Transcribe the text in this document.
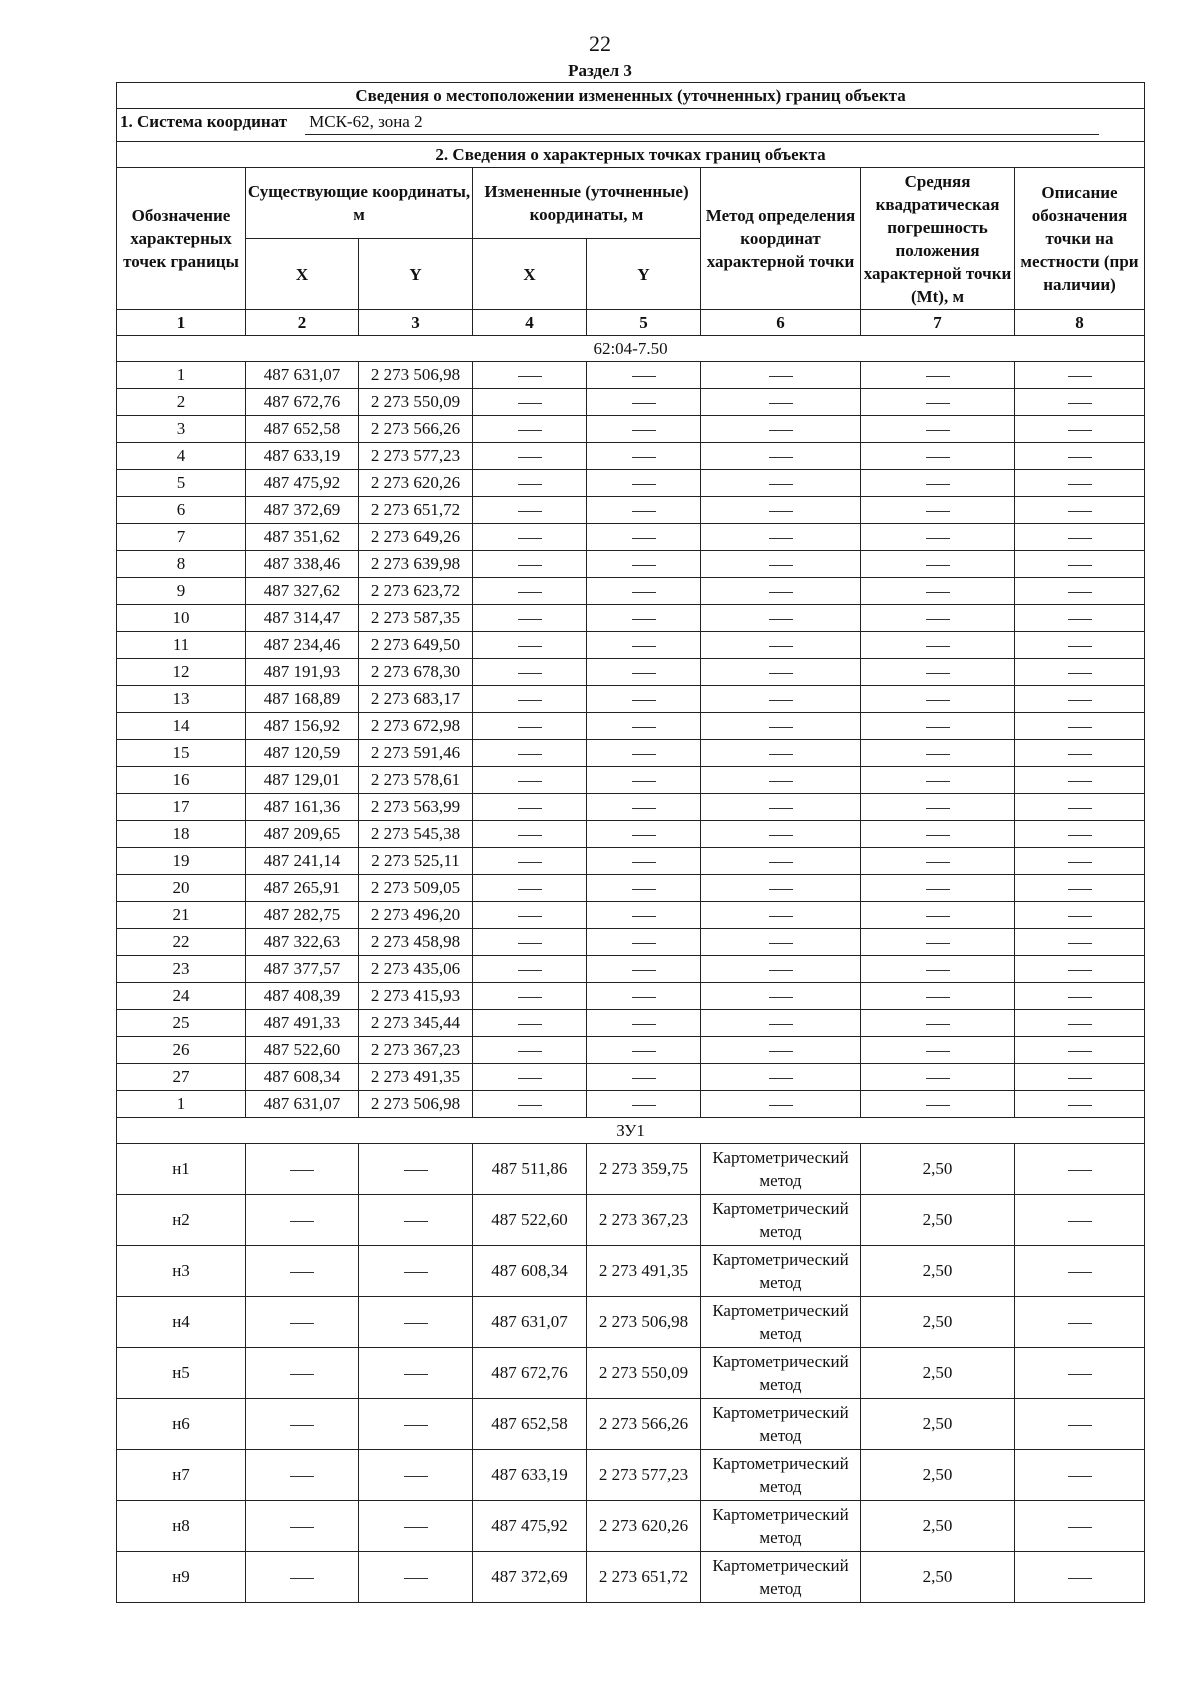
22
Раздел 3
Сведения о местоположении измененных (уточненных) границ объекта							
1. Система координат МСК-62, зона 2							
2. Сведения о характерных точках границ объекта							
Обозначение характерных точек границы	Существующие координаты, м		Измененные (уточненные) координаты, м		Метод определения координат характерной точки	Средняя квадратическая погрешность положения характерной точки (Mt), м	Описание обозначения точки на местности (при наличии)
	X	Y	X	Y			
1	2	3	4	5	6	7	8
62:04-7.50							
1	487 631,07	2 273 506,98					
2	487 672,76	2 273 550,09					
3	487 652,58	2 273 566,26					
4	487 633,19	2 273 577,23					
5	487 475,92	2 273 620,26					
6	487 372,69	2 273 651,72					
7	487 351,62	2 273 649,26					
8	487 338,46	2 273 639,98					
9	487 327,62	2 273 623,72					
10	487 314,47	2 273 587,35					
11	487 234,46	2 273 649,50					
12	487 191,93	2 273 678,30					
13	487 168,89	2 273 683,17					
14	487 156,92	2 273 672,98					
15	487 120,59	2 273 591,46					
16	487 129,01	2 273 578,61					
17	487 161,36	2 273 563,99					
18	487 209,65	2 273 545,38					
19	487 241,14	2 273 525,11					
20	487 265,91	2 273 509,05					
21	487 282,75	2 273 496,20					
22	487 322,63	2 273 458,98					
23	487 377,57	2 273 435,06					
24	487 408,39	2 273 415,93					
25	487 491,33	2 273 345,44					
26	487 522,60	2 273 367,23					
27	487 608,34	2 273 491,35					
1	487 631,07	2 273 506,98					
ЗУ1							
н1			487 511,86	2 273 359,75	Картометрический метод	2,50	
н2			487 522,60	2 273 367,23	Картометрический метод	2,50	
н3			487 608,34	2 273 491,35	Картометрический метод	2,50	
н4			487 631,07	2 273 506,98	Картометрический метод	2,50	
н5			487 672,76	2 273 550,09	Картометрический метод	2,50	
н6			487 652,58	2 273 566,26	Картометрический метод	2,50	
н7			487 633,19	2 273 577,23	Картометрический метод	2,50	
н8			487 475,92	2 273 620,26	Картометрический метод	2,50	
н9			487 372,69	2 273 651,72	Картометрический метод	2,50	
